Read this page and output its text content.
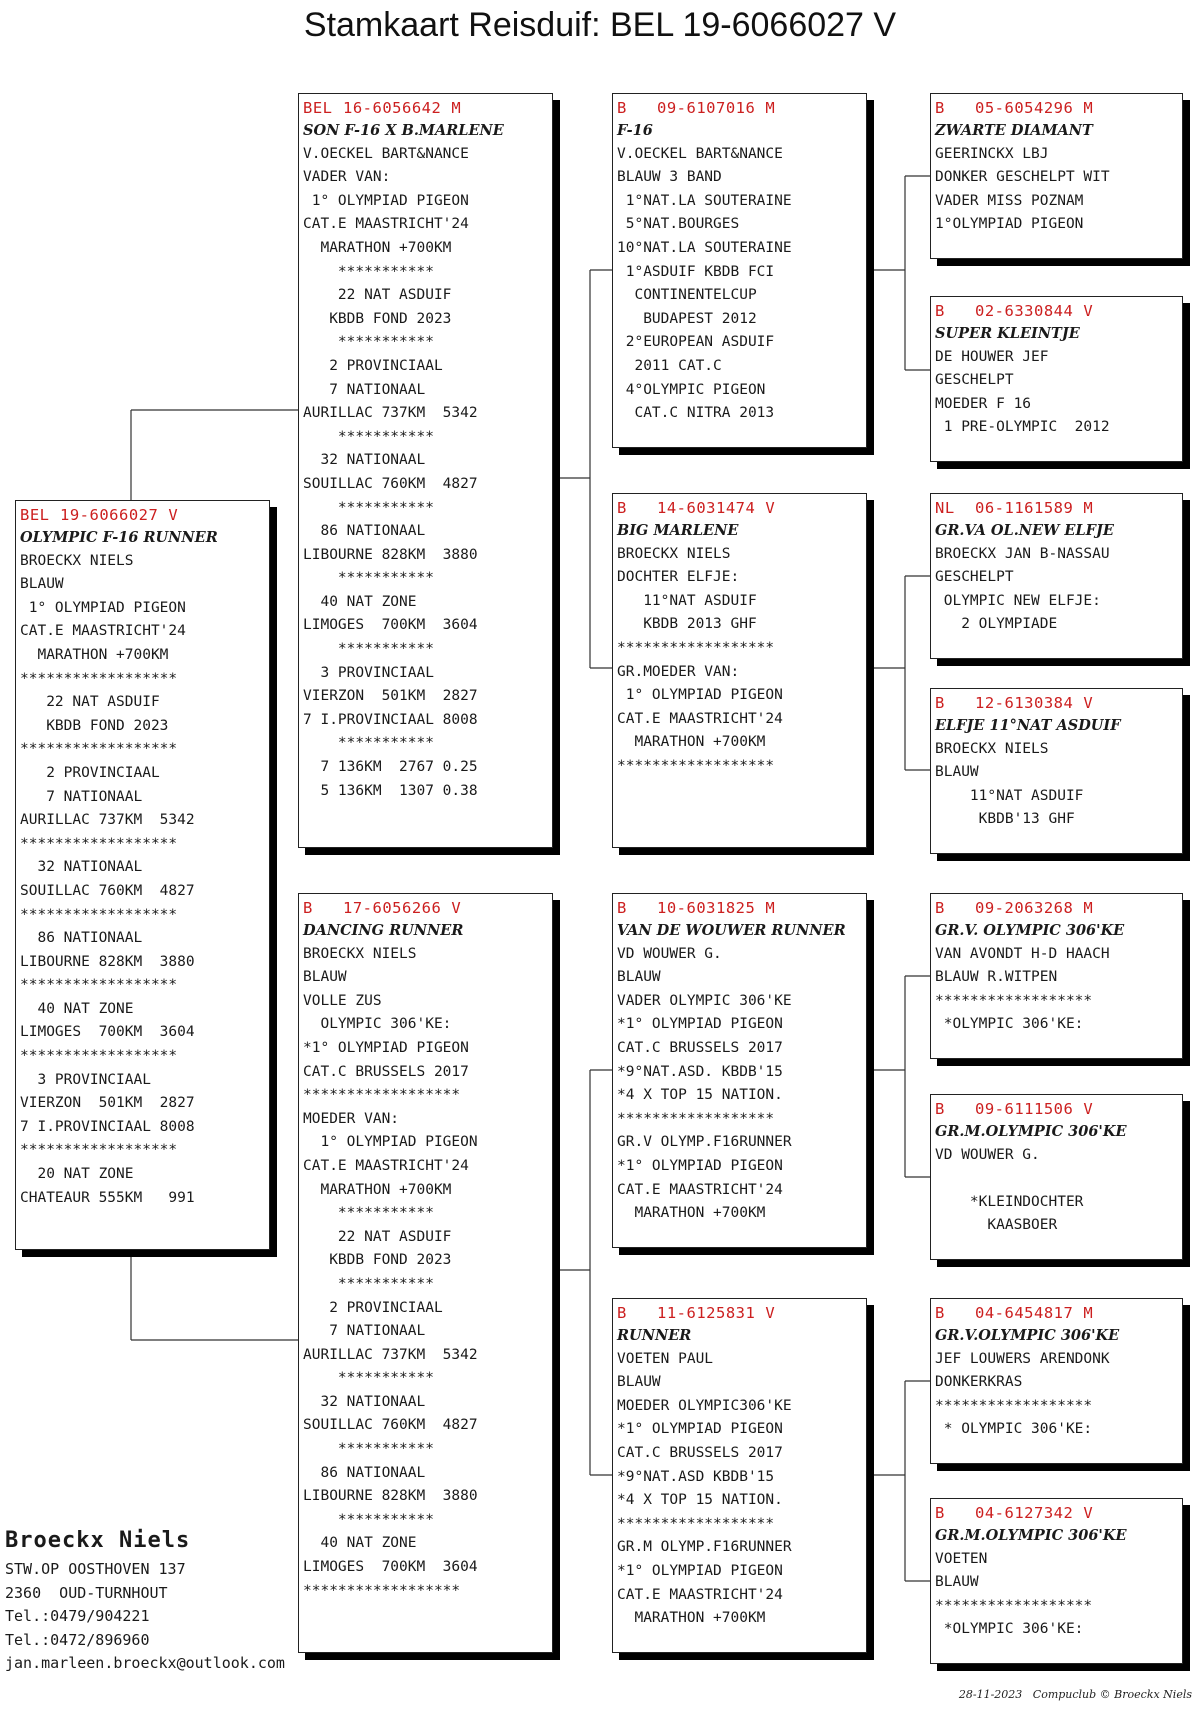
Stamkaart Reisduif: BEL 19-6066027 V
BEL 19-6066027 V
OLYMPIC F-16 RUNNER
BROECKX NIELS
BLAUW
1° OLYMPIAD PIGEON
CAT.E MAASTRICHT'24
MARATHON +700KM
******************
22 NAT ASDUIF
KBDB FOND 2023
******************
2 PROVINCIAAL
7 NATIONAAL
AURILLAC 737KM  5342
******************
32 NATIONAAL
SOUILLAC 760KM  4827
******************
86 NATIONAAL
LIBOURNE 828KM  3880
******************
40 NAT ZONE
LIMOGES  700KM  3604
******************
3 PROVINCIAAL
VIERZON  501KM  2827
7 I.PROVINCIAAL 8008
******************
20 NAT ZONE
CHATEAUR 555KM   991
BEL 16-6056642 M
SON F-16 X B.MARLENE
V.OECKEL BART&NANCE
VADER VAN:
1° OLYMPIAD PIGEON
CAT.E MAASTRICHT'24
MARATHON +700KM
***********
22 NAT ASDUIF
KBDB FOND 2023
***********
2 PROVINCIAAL
7 NATIONAAL
AURILLAC 737KM  5342
***********
32 NATIONAAL
SOUILLAC 760KM  4827
***********
86 NATIONAAL
LIBOURNE 828KM  3880
***********
40 NAT ZONE
LIMOGES  700KM  3604
***********
3 PROVINCIAAL
VIERZON  501KM  2827
7 I.PROVINCIAAL 8008
***********
7 136KM  2767 0.25
5 136KM  1307 0.38
B	17-6056266 V
DANCING RUNNER
BROECKX NIELS
BLAUW
VOLLE ZUS
OLYMPIC 306'KE:
*1° OLYMPIAD PIGEON
CAT.C BRUSSELS 2017
******************
MOEDER VAN:
1° OLYMPIAD PIGEON
CAT.E MAASTRICHT'24
MARATHON +700KM
***********
22 NAT ASDUIF
KBDB FOND 2023
***********
2 PROVINCIAAL
7 NATIONAAL
AURILLAC 737KM  5342
***********
32 NATIONAAL
SOUILLAC 760KM  4827
***********
86 NATIONAAL
LIBOURNE 828KM  3880
***********
40 NAT ZONE
LIMOGES  700KM  3604
******************
B	09-6107016 M
F-16
V.OECKEL BART&NANCE
BLAUW 3 BAND
1°NAT.LA SOUTERAINE
5°NAT.BOURGES
10°NAT.LA SOUTERAINE
1°ASDUIF KBDB FCI
CONTINENTELCUP
BUDAPEST 2012
2°EUROPEAN ASDUIF
2011 CAT.C
4°OLYMPIC PIGEON
CAT.C NITRA 2013
B	14-6031474 V
BIG MARLENE
BROECKX NIELS
DOCHTER ELFJE:
11°NAT ASDUIF
KBDB 2013 GHF
******************
GR.MOEDER VAN:
1° OLYMPIAD PIGEON
CAT.E MAASTRICHT'24
MARATHON +700KM
******************
B	10-6031825 M
VAN DE WOUWER RUNNER
VD WOUWER G.
BLAUW
VADER OLYMPIC 306'KE
*1° OLYMPIAD PIGEON
CAT.C BRUSSELS 2017
*9°NAT.ASD. KBDB'15
*4 X TOP 15 NATION.
******************
GR.V OLYMP.F16RUNNER
*1° OLYMPIAD PIGEON
CAT.E MAASTRICHT'24
MARATHON +700KM
B	11-6125831 V
RUNNER
VOETEN PAUL
BLAUW
MOEDER OLYMPIC306'KE
*1° OLYMPIAD PIGEON
CAT.C BRUSSELS 2017
*9°NAT.ASD KBDB'15
*4 X TOP 15 NATION.
******************
GR.M OLYMP.F16RUNNER
*1° OLYMPIAD PIGEON
CAT.E MAASTRICHT'24
MARATHON +700KM
B	05-6054296 M
ZWARTE DIAMANT
GEERINCKX LBJ
DONKER GESCHELPT WIT
VADER MISS POZNAM
1°OLYMPIAD PIGEON
B	02-6330844 V
SUPER KLEINTJE
DE HOUWER JEF
GESCHELPT
MOEDER F 16
1 PRE-OLYMPIC  2012
NL	06-1161589 M
GR.VA OL.NEW ELFJE
BROECKX JAN B-NASSAU
GESCHELPT
OLYMPIC NEW ELFJE:
2 OLYMPIADE
B	12-6130384 V
ELFJE 11°NAT ASDUIF
BROECKX NIELS
BLAUW
11°NAT ASDUIF
KBDB'13 GHF
B	09-2063268 M
GR.V. OLYMPIC 306'KE
VAN AVONDT H-D HAACH
BLAUW R.WITPEN
******************
*OLYMPIC 306'KE:
B	09-6111506 V
GR.M.OLYMPIC 306'KE
VD WOUWER G.
*KLEINDOCHTER
KAASBOER
B	04-6454817 M
GR.V.OLYMPIC 306'KE
JEF LOUWERS ARENDONK
DONKERKRAS
******************
* OLYMPIC 306'KE:
B	04-6127342 V
GR.M.OLYMPIC 306'KE
VOETEN
BLAUW
******************
*OLYMPIC 306'KE:
Broeckx Niels
STW.OP OOSTHOVEN 137
2360  OUD-TURNHOUT
Tel.:0479/904221
Tel.:0472/896960
jan.marleen.broeckx@outlook.com
28-11-2023   Compuclub © Broeckx Niels
